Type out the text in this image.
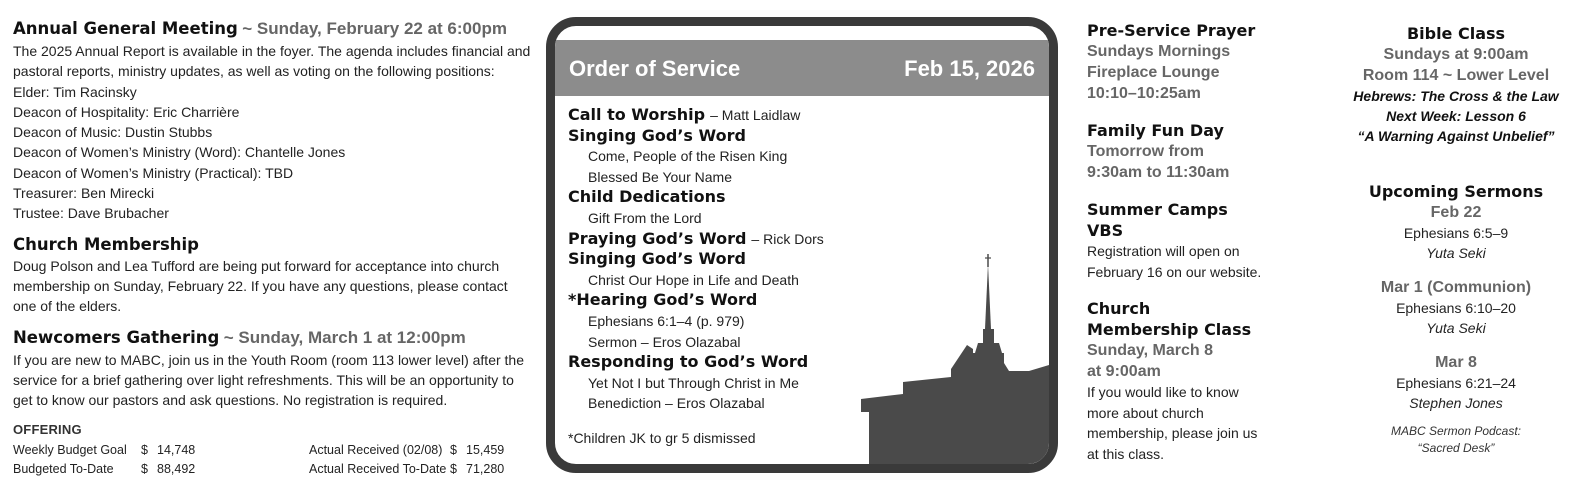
Annual General Meeting ~ Sunday, February 22 at 6:00pm

The 2025 Annual Report is available in the foyer. The agenda includes financial and pastoral reports, ministry updates, as well as voting on the following positions:

Elder: Tim Racinsky
Deacon of Hospitality: Eric Charrière
Deacon of Music: Dustin Stubbs
Deacon of Women’s Ministry (Word): Chantelle Jones
Deacon of Women’s Ministry (Practical): TBD
Treasurer: Ben Mirecki
Trustee: Dave Brubacher
Church Membership

Doug Polson and Lea Tufford are being put forward for acceptance into church membership on Sunday, February 22. If you have any questions, please contact one of the elders.

Newcomers Gathering ~ Sunday, March 1 at 12:00pm

If you are new to MABC, join us in the Youth Room (room 113 lower level) after the service for a brief gathering over light refreshments. This will be an opportunity to get to know our pastors and ask questions. No registration is required.

OFFERING
Weekly Budget Goal	$	14,748	Actual Received (02/08)	$	15,459
Budgeted To-Date	$	88,492	Actual Received To-Date	$	71,280
Order of Service	Feb 15, 2026
Call to Worship – Matt Laidlaw
Singing God’s Word
Come, People of the Risen King
Blessed Be Your Name
Child Dedications
Gift From the Lord
Praying God’s Word – Rick Dors
Singing God’s Word
Christ Our Hope in Life and Death
*Hearing God’s Word
Ephesians 6:1–4 (p. 979)
Sermon – Eros Olazabal
Responding to God’s Word
Yet Not I but Through Christ in Me
Benediction – Eros Olazabal
*Children JK to gr 5 dismissed
Pre-Service Prayer
Sundays Mornings
Fireplace Lounge
10:10–10:25am
Family Fun Day
Tomorrow from
9:30am to 11:30am
Summer Camps
VBS
Registration will open on
February 16 on our website.
Church
Membership Class
Sunday, March 8
at 9:00am
If you would like to know
more about church
membership, please join us
at this class.
Bible Class
Sundays at 9:00am
Room 114 ~ Lower Level
Hebrews: The Cross & the Law
Next Week: Lesson 6
“A Warning Against Unbelief”
Upcoming Sermons
Feb 22
Ephesians 6:5–9
Yuta Seki
Mar 1 (Communion)
Ephesians 6:10–20
Yuta Seki
Mar 8
Ephesians 6:21–24
Stephen Jones
MABC Sermon Podcast:
“Sacred Desk”
